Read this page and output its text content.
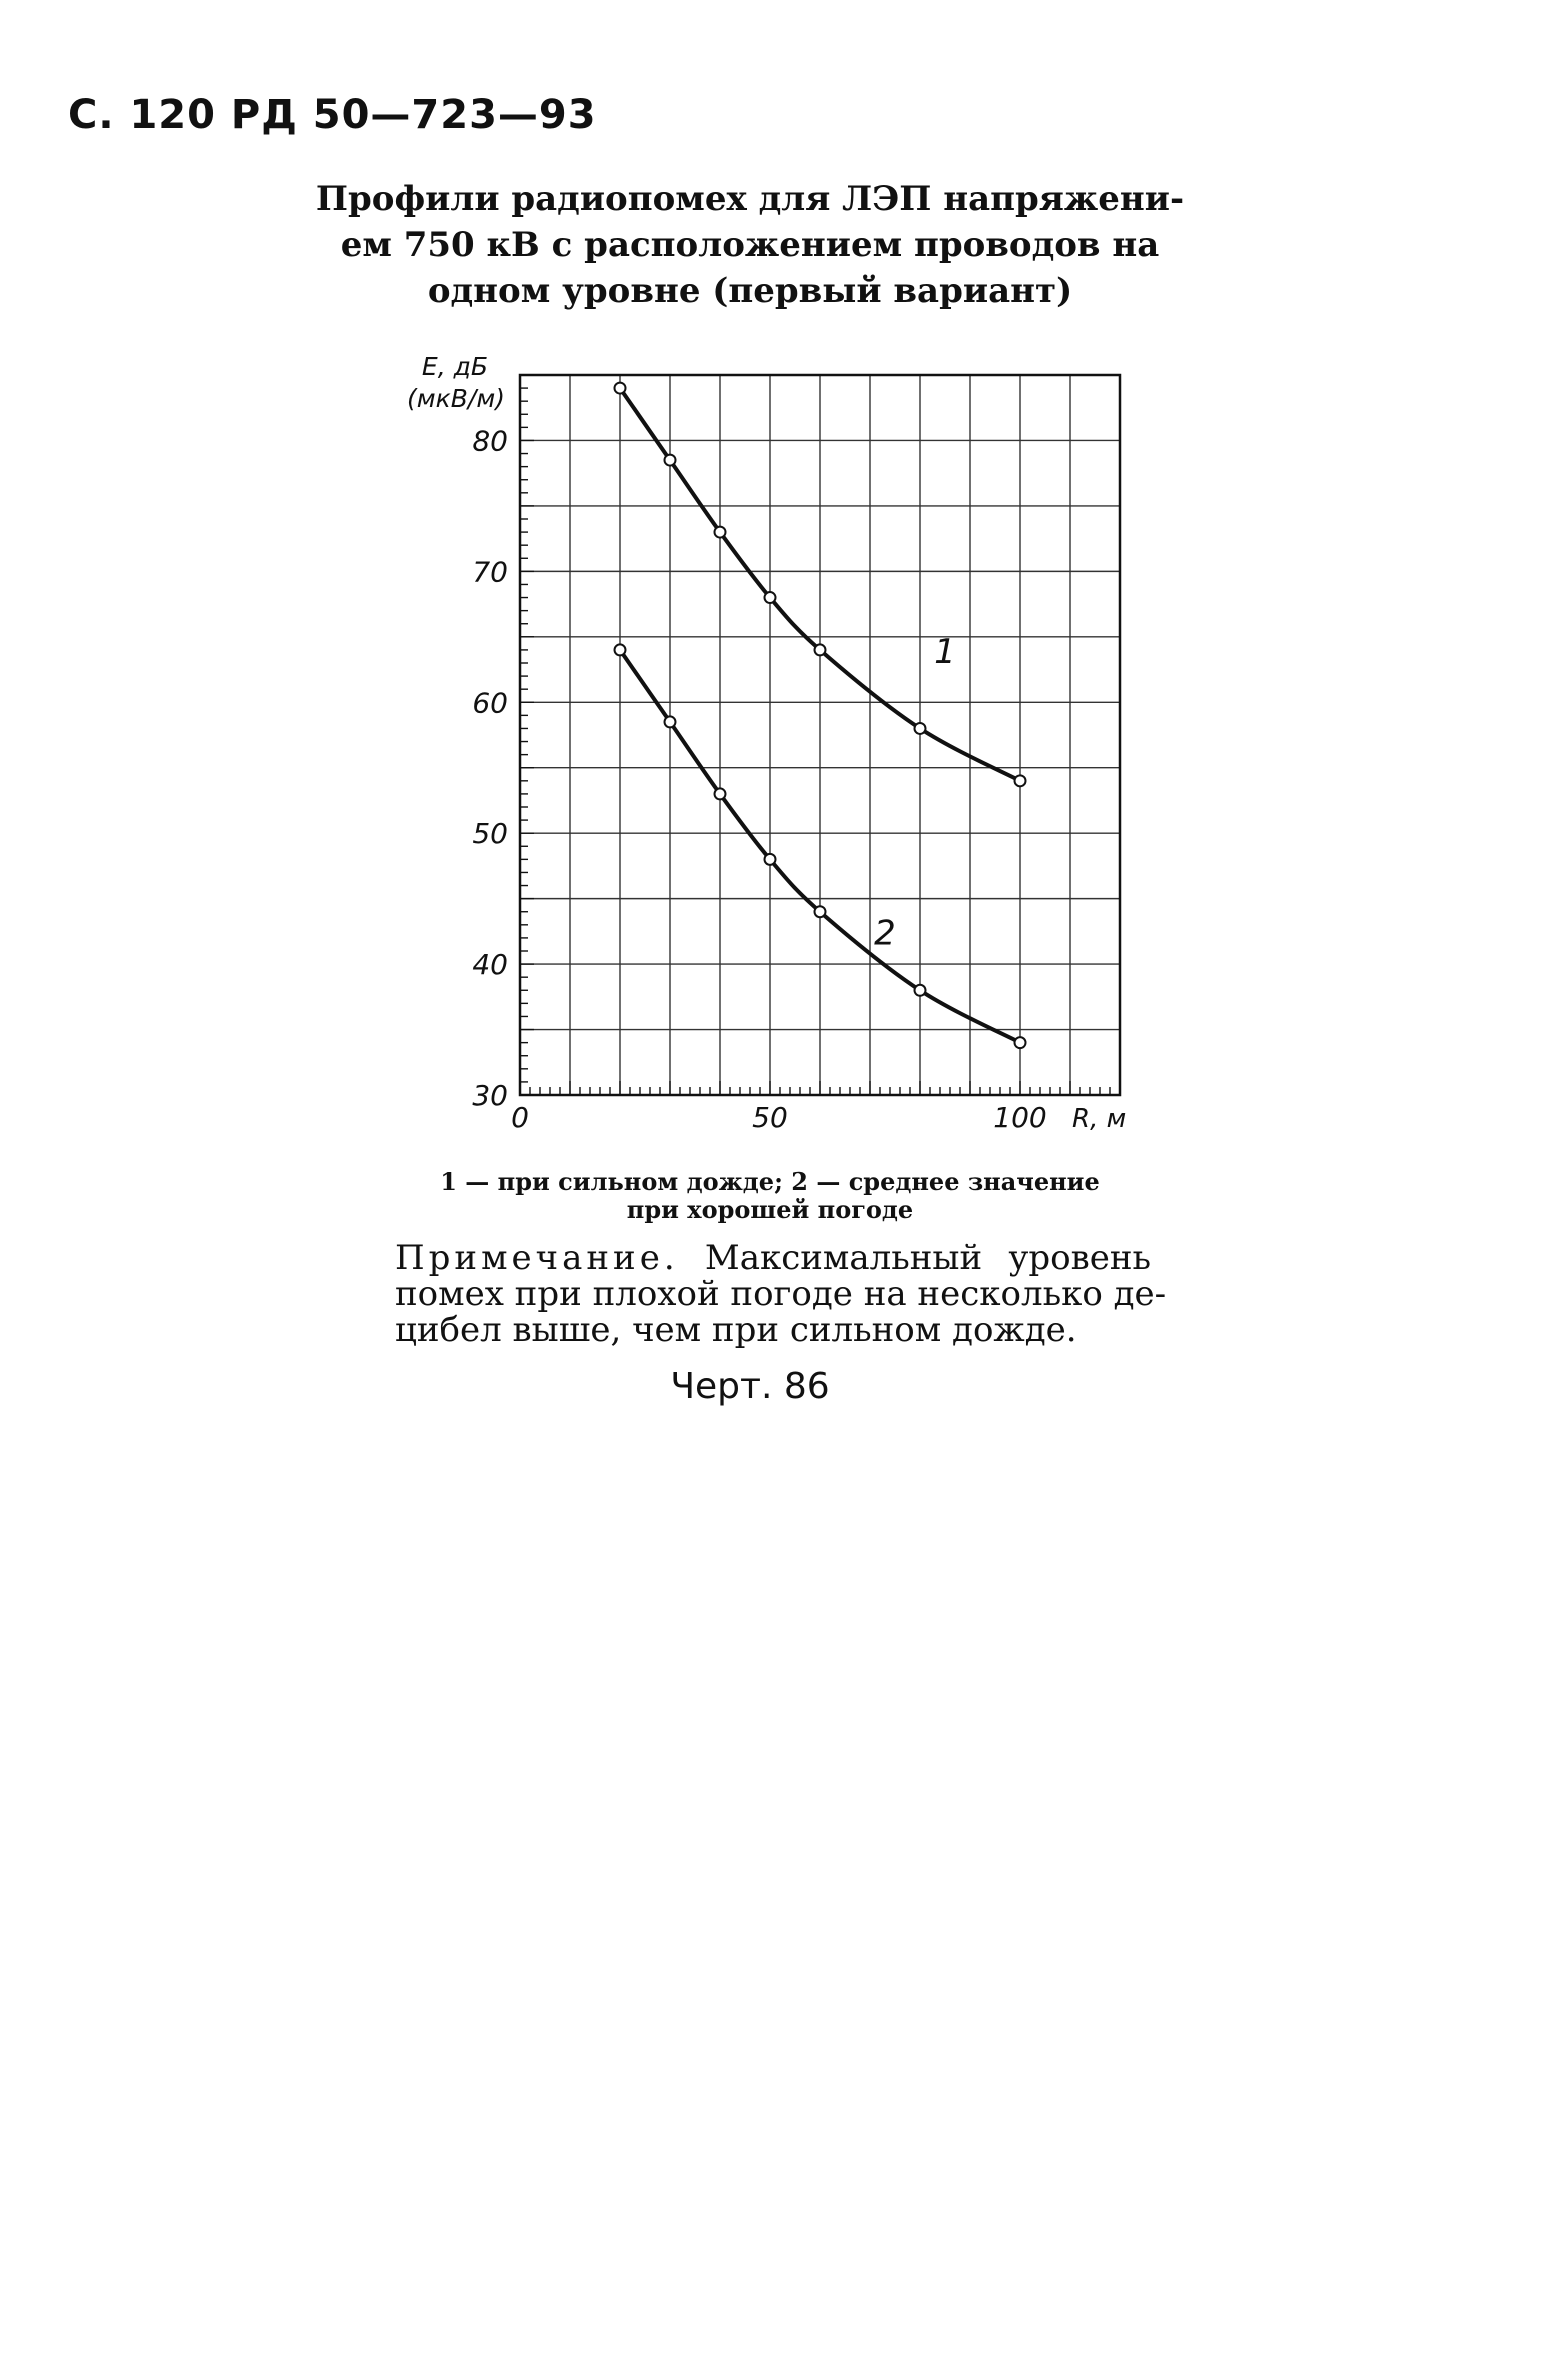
С. 120 РД 50—723—93
Профили радиопомех для ЛЭП напряжени-
ем 750 кВ с расположением проводов на
одном уровне (первый вариант)
Е, дБ
(мкВ/м)
R, м
30
40
50
60
70
80
0	50	100
1
2
1 — при сильном дожде; 2 — среднее значение
при хорошей погоде
Примечание. Максимальный уровень
помех при плохой погоде на несколько де-
цибел выше, чем при сильном дожде.
Черт. 86
